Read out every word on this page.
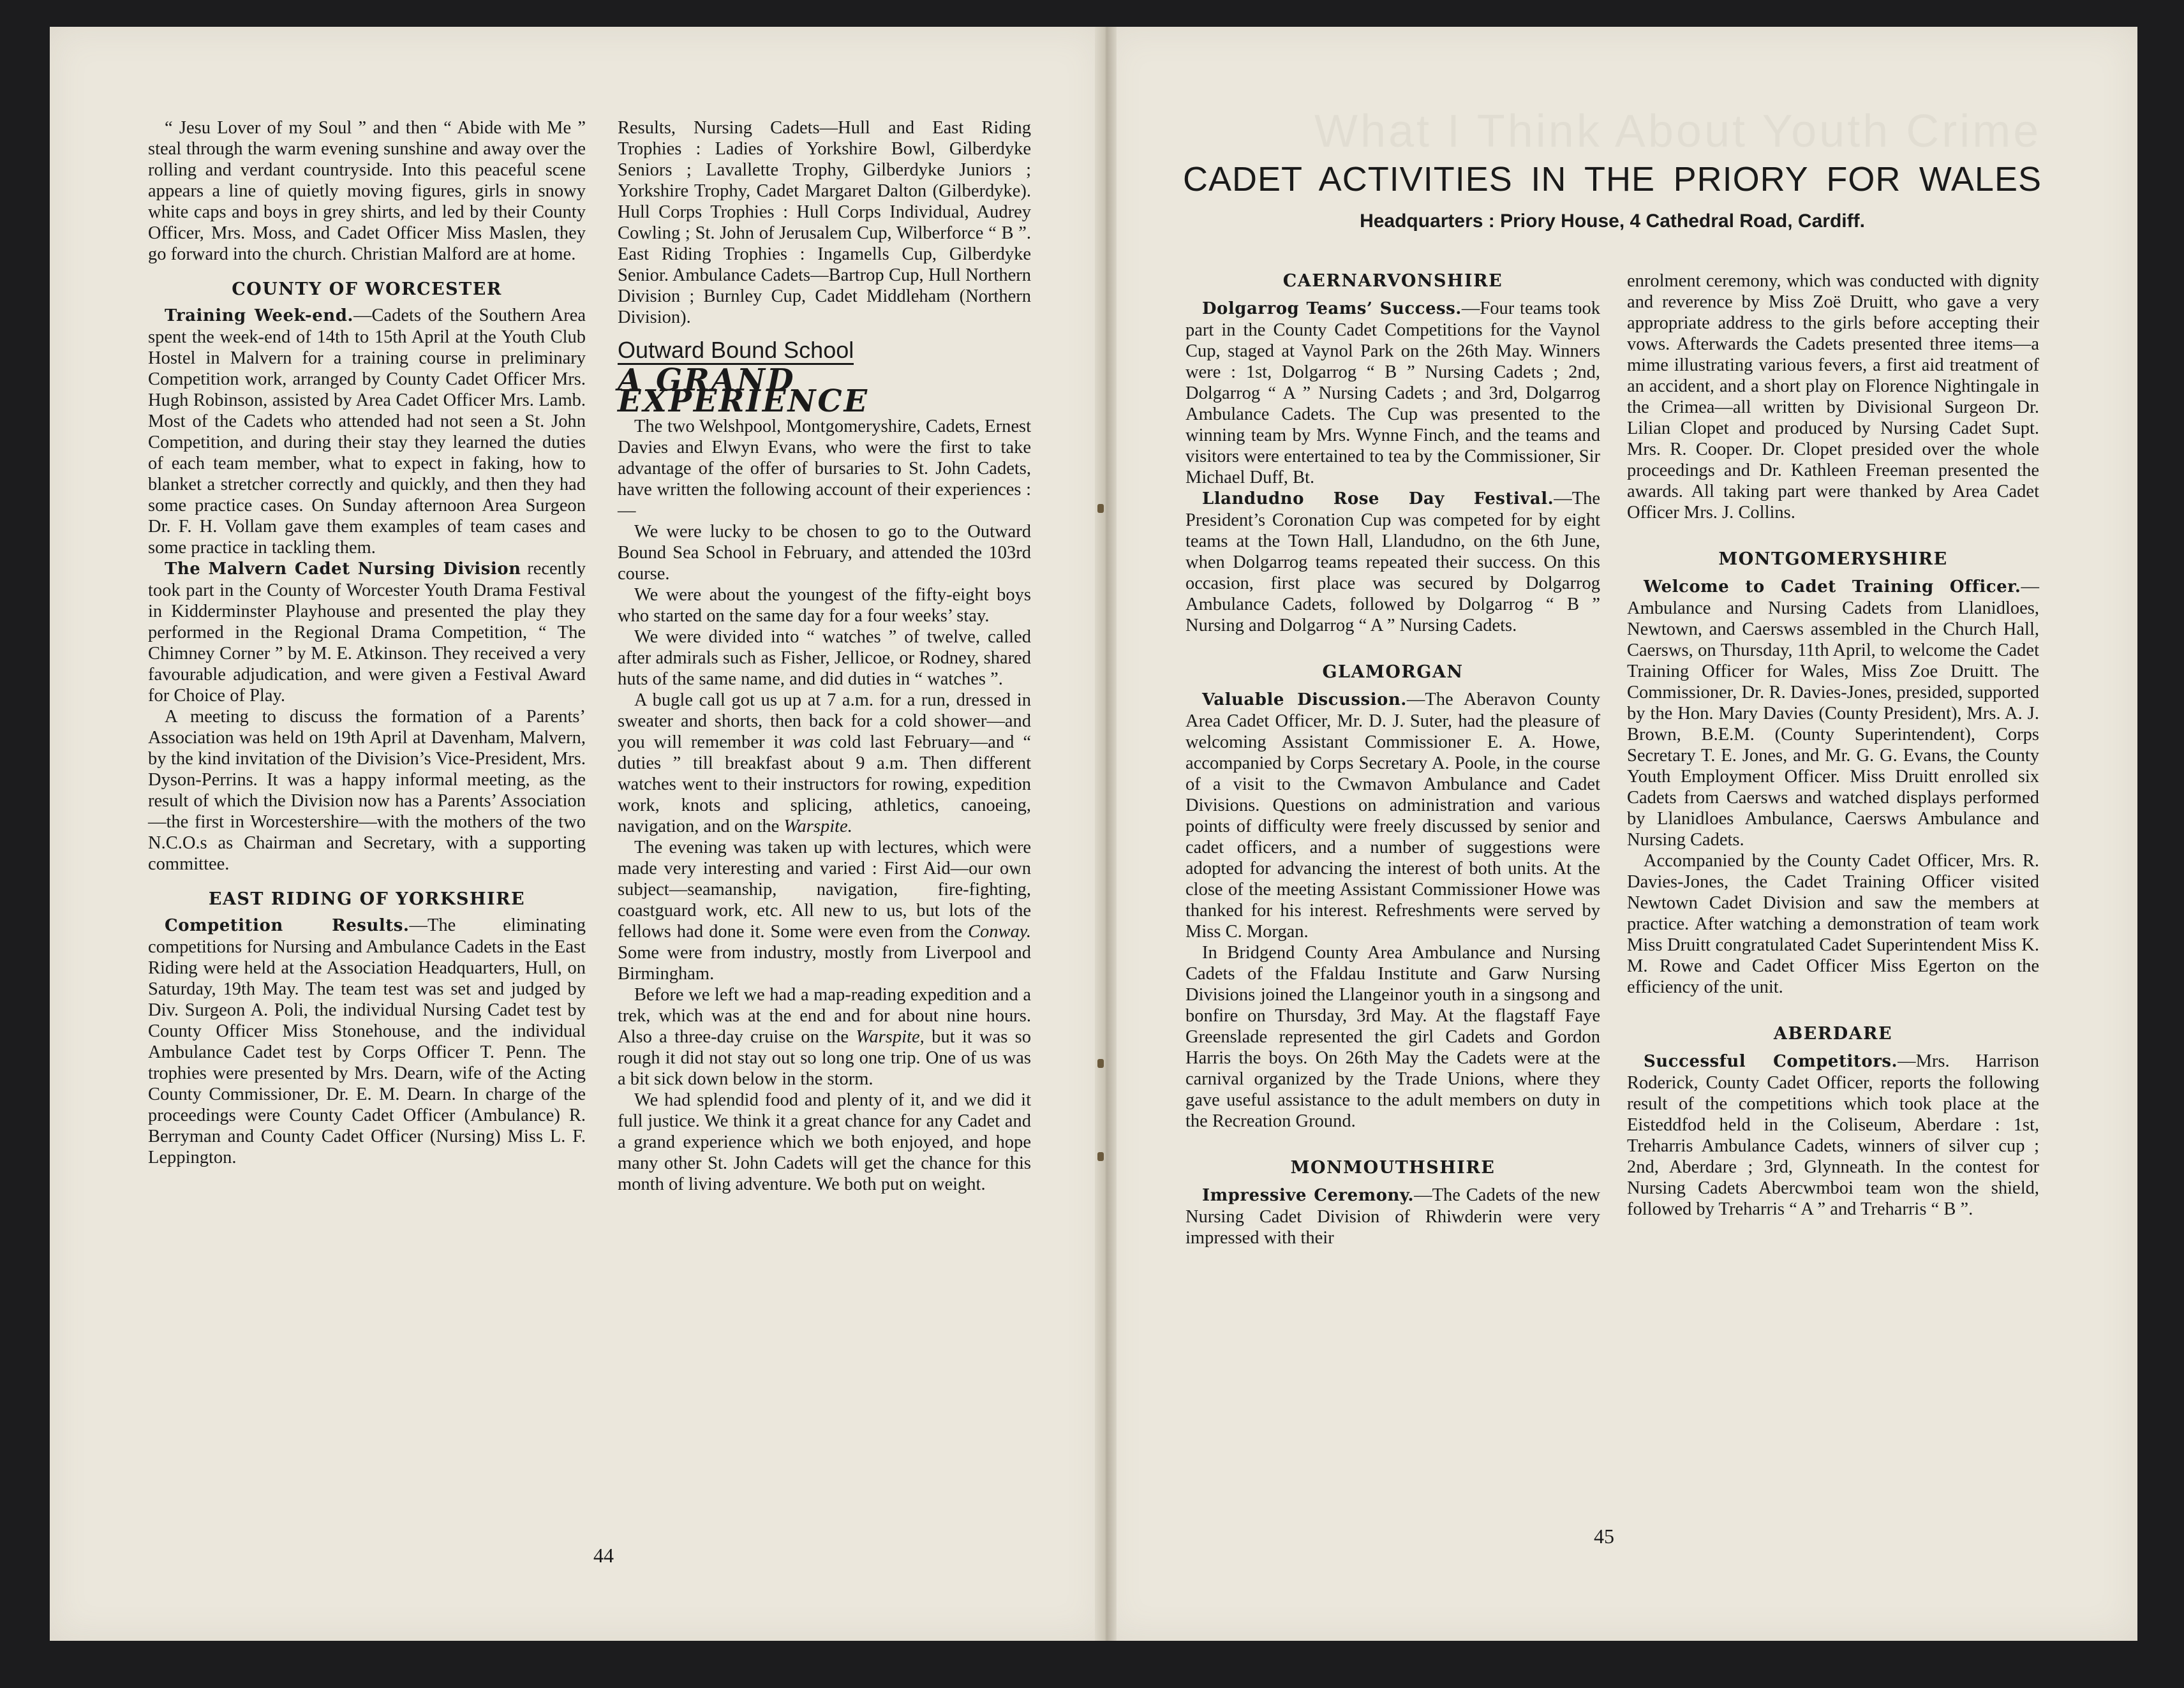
“ Jesu Lover of my Soul ” and then “ Abide with Me ” steal through the warm evening sunshine and away over the rolling and verdant countryside. Into this peaceful scene appears a line of quietly moving figures, girls in snowy white caps and boys in grey shirts, and led by their County Officer, Mrs. Moss, and Cadet Officer Miss Maslen, they go forward into the church. Christian Malford are at home.

COUNTY OF WORCESTER

Training Week-end.—Cadets of the Southern Area spent the week-end of 14th to 15th April at the Youth Club Hostel in Malvern for a training course in preliminary Competition work, arranged by County Cadet Officer Mrs. Hugh Robinson, assisted by Area Cadet Officer Mrs. Lamb. Most of the Cadets who attended had not seen a St. John Competition, and during their stay they learned the duties of each team member, what to expect in faking, how to blanket a stretcher correctly and quickly, and then they had some practice cases. On Sunday afternoon Area Surgeon Dr. F. H. Vollam gave them examples of team cases and some practice in tackling them.

The Malvern Cadet Nursing Division recently took part in the County of Worcester Youth Drama Festival in Kidderminster Playhouse and presented the play they performed in the Regional Drama Competition, “ The Chimney Corner ” by M. E. Atkinson. They received a very favourable adjudication, and were given a Festival Award for Choice of Play.

A meeting to discuss the formation of a Parents’ Association was held on 19th April at Davenham, Malvern, by the kind invitation of the Division’s Vice-President, Mrs. Dyson-Perrins. It was a happy informal meeting, as the result of which the Division now has a Parents’ Association—the first in Worcestershire—with the mothers of the two N.C.O.s as Chairman and Secretary, with a supporting committee.

EAST RIDING OF YORKSHIRE

Competition Results.—The eliminating competitions for Nursing and Ambulance Cadets in the East Riding were held at the Association Headquarters, Hull, on Saturday, 19th May. The team test was set and judged by Div. Surgeon A. Poli, the individual Nursing Cadet test by County Officer Miss Stonehouse, and the individual Ambulance Cadet test by Corps Officer T. Penn. The trophies were presented by Mrs. Dearn, wife of the Acting County Commissioner, Dr. E. M. Dearn. In charge of the proceedings were County Cadet Officer (Ambulance) R. Berryman and County Cadet Officer (Nursing) Miss L. F. Leppington.

Results, Nursing Cadets—Hull and East Riding Trophies : Ladies of Yorkshire Bowl, Gilberdyke Seniors ; Lavallette Trophy, Gilberdyke Juniors ; Yorkshire Trophy, Cadet Margaret Dalton (Gilberdyke). Hull Corps Trophies : Hull Corps Individual, Audrey Cowling ; St. John of Jerusalem Cup, Wilberforce “ B ”. East Riding Trophies : Ingamells Cup, Gilberdyke Senior. Ambulance Cadets—Bartrop Cup, Hull Northern Division ; Burnley Cup, Cadet Middleham (Northern Division).

Outward Bound School
A GRAND EXPERIENCE

The two Welshpool, Montgomeryshire, Cadets, Ernest Davies and Elwyn Evans, who were the first to take advantage of the offer of bursaries to St. John Cadets, have written the following account of their experiences :—

We were lucky to be chosen to go to the Outward Bound Sea School in February, and attended the 103rd course.

We were about the youngest of the fifty-eight boys who started on the same day for a four weeks’ stay.

We were divided into “ watches ” of twelve, called after admirals such as Fisher, Jellicoe, or Rodney, shared huts of the same name, and did duties in “ watches ”.

A bugle call got us up at 7 a.m. for a run, dressed in sweater and shorts, then back for a cold shower—and you will remember it was cold last February—and “ duties ” till breakfast about 9 a.m. Then different watches went to their instructors for rowing, expedition work, knots and splicing, athletics, canoeing, navigation, and on the Warspite.

The evening was taken up with lectures, which were made very interesting and varied : First Aid—our own subject—seamanship, navigation, fire-fighting, coastguard work, etc. All new to us, but lots of the fellows had done it. Some were even from the Conway. Some were from industry, mostly from Liverpool and Birmingham.

Before we left we had a map-reading expedition and a trek, which was at the end and for about nine hours. Also a three-day cruise on the Warspite, but it was so rough it did not stay out so long one trip. One of us was a bit sick down below in the storm.

We had splendid food and plenty of it, and we did it full justice. We think it a great chance for any Cadet and a grand experience which we both enjoyed, and hope many other St. John Cadets will get the chance for this month of living adventure. We both put on weight.

44
CADET ACTIVITIES IN THE PRIORY FOR WALES
Headquarters : Priory House, 4 Cathedral Road, Cardiff.
CAERNARVONSHIRE

Dolgarrog Teams’ Success.—Four teams took part in the County Cadet Competitions for the Vaynol Cup, staged at Vaynol Park on the 26th May. Winners were : 1st, Dolgarrog “ B ” Nursing Cadets ; 2nd, Dolgarrog “ A ” Nursing Cadets ; and 3rd, Dolgarrog Ambulance Cadets. The Cup was presented to the winning team by Mrs. Wynne Finch, and the teams and visitors were entertained to tea by the Commissioner, Sir Michael Duff, Bt.

Llandudno Rose Day Festival.—The President’s Coronation Cup was competed for by eight teams at the Town Hall, Llandudno, on the 6th June, when Dolgarrog teams repeated their success. On this occasion, first place was secured by Dolgarrog Ambulance Cadets, followed by Dolgarrog “ B ” Nursing and Dolgarrog “ A ” Nursing Cadets.

GLAMORGAN

Valuable Discussion.—The Aberavon County Area Cadet Officer, Mr. D. J. Suter, had the pleasure of welcoming Assistant Commissioner E. A. Howe, accompanied by Corps Secretary A. Poole, in the course of a visit to the Cwmavon Ambulance and Cadet Divisions. Questions on administration and various points of difficulty were freely discussed by senior and cadet officers, and a number of suggestions were adopted for advancing the interest of both units. At the close of the meeting Assistant Commissioner Howe was thanked for his interest. Refreshments were served by Miss C. Morgan.

In Bridgend County Area Ambulance and Nursing Cadets of the Ffaldau Institute and Garw Nursing Divisions joined the Llangeinor youth in a singsong and bonfire on Thursday, 3rd May. At the flagstaff Faye Greenslade represented the girl Cadets and Gordon Harris the boys. On 26th May the Cadets were at the carnival organized by the Trade Unions, where they gave useful assistance to the adult members on duty in the Recreation Ground.

MONMOUTHSHIRE

Impressive Ceremony.—The Cadets of the new Nursing Cadet Division of Rhiwderin were very impressed with their

enrolment ceremony, which was conducted with dignity and reverence by Miss Zoë Druitt, who gave a very appropriate address to the girls before accepting their vows. Afterwards the Cadets presented three items—a mime illustrating various fevers, a first aid treatment of an accident, and a short play on Florence Nightingale in the Crimea—all written by Divisional Surgeon Dr. Lilian Clopet and produced by Nursing Cadet Supt. Mrs. R. Cooper. Dr. Clopet presided over the whole proceedings and Dr. Kathleen Freeman presented the awards. All taking part were thanked by Area Cadet Officer Mrs. J. Collins.

MONTGOMERYSHIRE

Welcome to Cadet Training Officer.—Ambulance and Nursing Cadets from Llanidloes, Newtown, and Caersws assembled in the Church Hall, Caersws, on Thursday, 11th April, to welcome the Cadet Training Officer for Wales, Miss Zoe Druitt. The Commissioner, Dr. R. Davies-Jones, presided, supported by the Hon. Mary Davies (County President), Mrs. A. J. Brown, B.E.M. (County Superintendent), Corps Secretary T. E. Jones, and Mr. G. G. Evans, the County Youth Employment Officer. Miss Druitt enrolled six Cadets from Caersws and watched displays performed by Llanidloes Ambulance, Caersws Ambulance and Nursing Cadets.

Accompanied by the County Cadet Officer, Mrs. R. Davies-Jones, the Cadet Training Officer visited Newtown Cadet Division and saw the members at practice. After watching a demonstration of team work Miss Druitt congratulated Cadet Superintendent Miss K. M. Rowe and Cadet Officer Miss Egerton on the efficiency of the unit.

ABERDARE

Successful Competitors.—Mrs. Harrison Roderick, County Cadet Officer, reports the following result of the competitions which took place at the Eisteddfod held in the Coliseum, Aberdare : 1st, Treharris Ambulance Cadets, winners of silver cup ; 2nd, Aberdare ; 3rd, Glynneath. In the contest for Nursing Cadets Abercwmboi team won the shield, followed by Treharris “ A ” and Treharris “ B ”.

45
